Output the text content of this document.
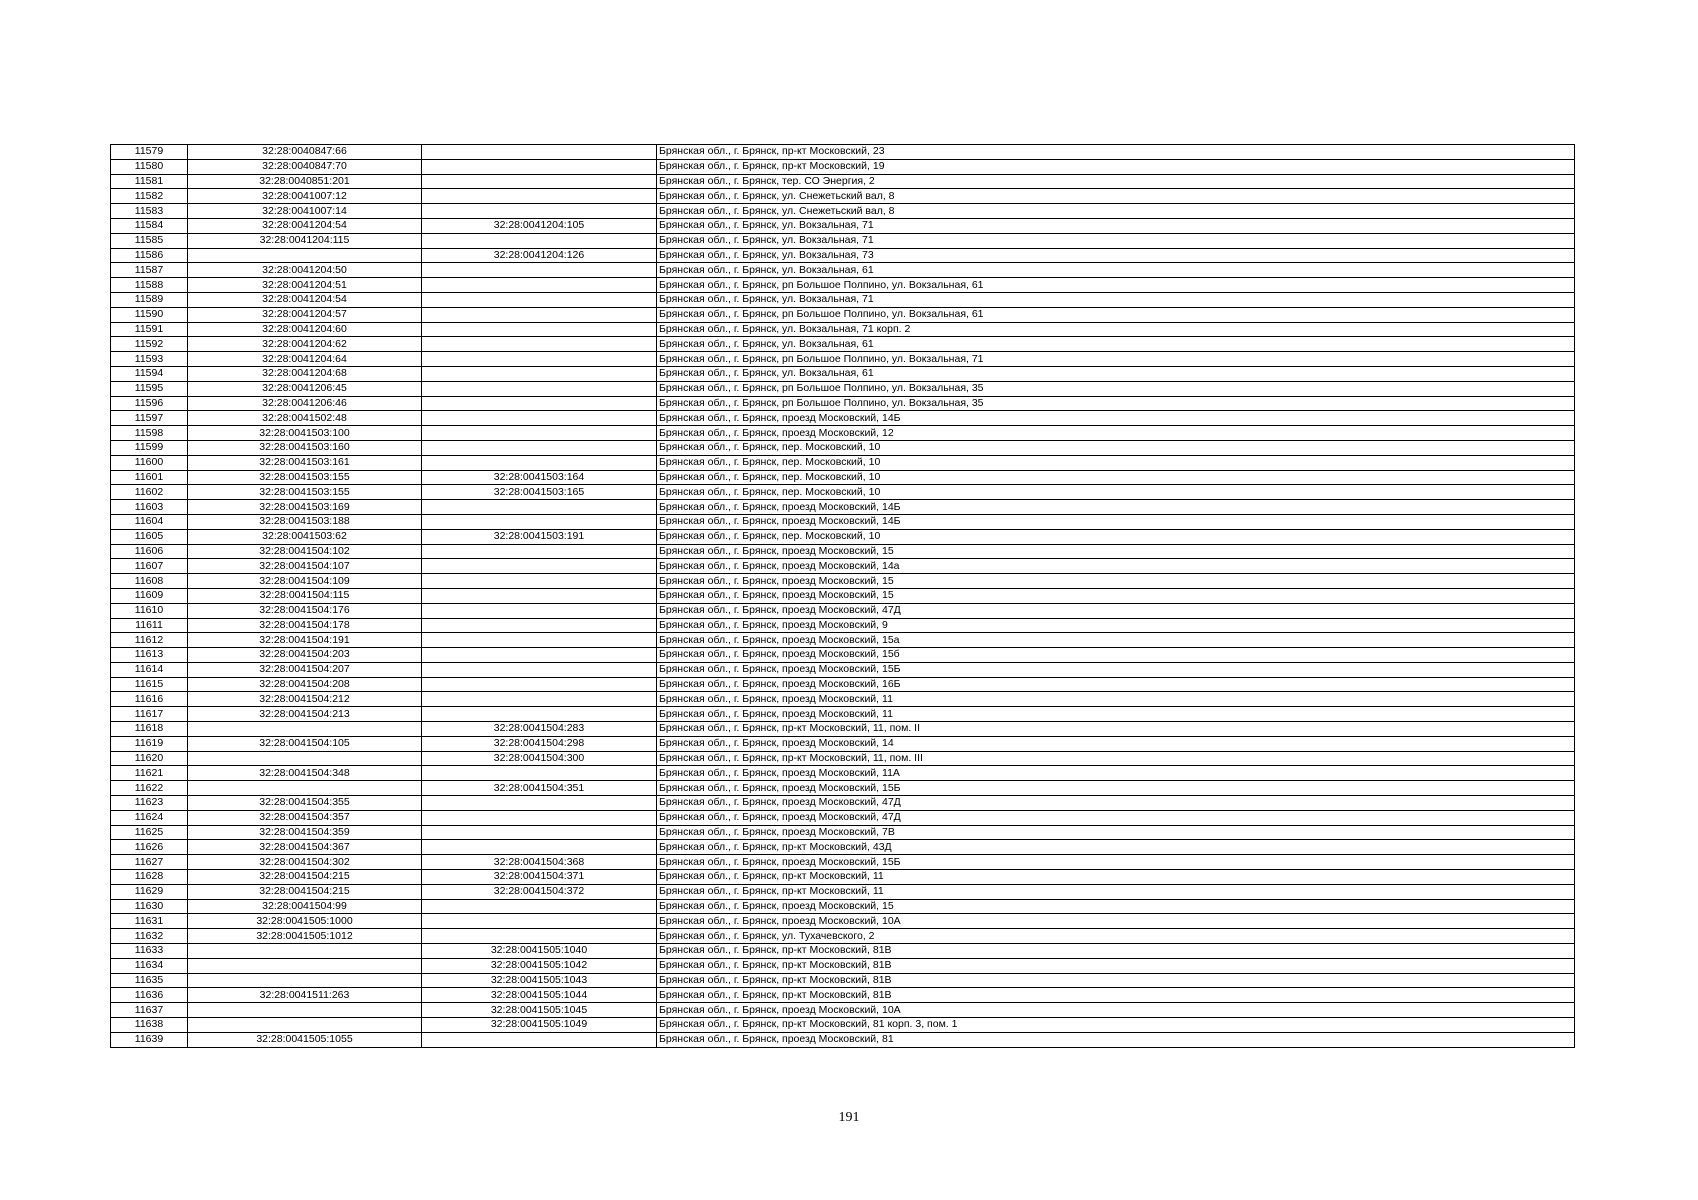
11579	32:28:0040847:66		Брянская обл., г. Брянск, пр-кт Московский, 23
11580	32:28:0040847:70		Брянская обл., г. Брянск, пр-кт Московский, 19
11581	32:28:0040851:201		Брянская обл., г. Брянск, тер. СО Энергия, 2
11582	32:28:0041007:12		Брянская обл., г. Брянск, ул. Снежетьский вал, 8
11583	32:28:0041007:14		Брянская обл., г. Брянск, ул. Снежетьский вал, 8
11584	32:28:0041204:54	32:28:0041204:105	Брянская обл., г. Брянск, ул. Вокзальная, 71
11585	32:28:0041204:115		Брянская обл., г. Брянск, ул. Вокзальная, 71
11586		32:28:0041204:126	Брянская обл., г. Брянск, ул. Вокзальная, 73
11587	32:28:0041204:50		Брянская обл., г. Брянск, ул. Вокзальная, 61
11588	32:28:0041204:51		Брянская обл., г. Брянск, рп Большое Полпино, ул. Вокзальная, 61
11589	32:28:0041204:54		Брянская обл., г. Брянск, ул. Вокзальная, 71
11590	32:28:0041204:57		Брянская обл., г. Брянск, рп Большое Полпино, ул. Вокзальная, 61
11591	32:28:0041204:60		Брянская обл., г. Брянск, ул. Вокзальная, 71 корп. 2
11592	32:28:0041204:62		Брянская обл., г. Брянск, ул. Вокзальная, 61
11593	32:28:0041204:64		Брянская обл., г. Брянск, рп Большое Полпино, ул. Вокзальная, 71
11594	32:28:0041204:68		Брянская обл., г. Брянск, ул. Вокзальная, 61
11595	32:28:0041206:45		Брянская обл., г. Брянск, рп Большое Полпино, ул. Вокзальная, 35
11596	32:28:0041206:46		Брянская обл., г. Брянск, рп Большое Полпино, ул. Вокзальная, 35
11597	32:28:0041502:48		Брянская обл., г. Брянск, проезд Московский, 14Б
11598	32:28:0041503:100		Брянская обл., г. Брянск, проезд Московский, 12
11599	32:28:0041503:160		Брянская обл., г. Брянск, пер. Московский, 10
11600	32:28:0041503:161		Брянская обл., г. Брянск, пер. Московский, 10
11601	32:28:0041503:155	32:28:0041503:164	Брянская обл., г. Брянск, пер. Московский, 10
11602	32:28:0041503:155	32:28:0041503:165	Брянская обл., г. Брянск, пер. Московский, 10
11603	32:28:0041503:169		Брянская обл., г. Брянск, проезд Московский, 14Б
11604	32:28:0041503:188		Брянская обл., г. Брянск, проезд Московский, 14Б
11605	32:28:0041503:62	32:28:0041503:191	Брянская обл., г. Брянск, пер. Московский, 10
11606	32:28:0041504:102		Брянская обл., г. Брянск, проезд Московский, 15
11607	32:28:0041504:107		Брянская обл., г. Брянск, проезд Московский, 14а
11608	32:28:0041504:109		Брянская обл., г. Брянск, проезд Московский, 15
11609	32:28:0041504:115		Брянская обл., г. Брянск, проезд Московский, 15
11610	32:28:0041504:176		Брянская обл., г. Брянск, проезд Московский, 47Д
11611	32:28:0041504:178		Брянская обл., г. Брянск, проезд Московский, 9
11612	32:28:0041504:191		Брянская обл., г. Брянск, проезд Московский, 15а
11613	32:28:0041504:203		Брянская обл., г. Брянск, проезд Московский, 15б
11614	32:28:0041504:207		Брянская обл., г. Брянск, проезд Московский, 15Б
11615	32:28:0041504:208		Брянская обл., г. Брянск, проезд Московский, 16Б
11616	32:28:0041504:212		Брянская обл., г. Брянск, проезд Московский, 11
11617	32:28:0041504:213		Брянская обл., г. Брянск, проезд Московский, 11
11618		32:28:0041504:283	Брянская обл., г. Брянск, пр-кт Московский, 11, пом. II
11619	32:28:0041504:105	32:28:0041504:298	Брянская обл., г. Брянск, проезд Московский, 14
11620		32:28:0041504:300	Брянская обл., г. Брянск, пр-кт Московский, 11, пом. III
11621	32:28:0041504:348		Брянская обл., г. Брянск, проезд Московский, 11А
11622		32:28:0041504:351	Брянская обл., г. Брянск, проезд Московский, 15Б
11623	32:28:0041504:355		Брянская обл., г. Брянск, проезд Московский, 47Д
11624	32:28:0041504:357		Брянская обл., г. Брянск, проезд Московский, 47Д
11625	32:28:0041504:359		Брянская обл., г. Брянск, проезд Московский, 7В
11626	32:28:0041504:367		Брянская обл., г. Брянск, пр-кт Московский, 43Д
11627	32:28:0041504:302	32:28:0041504:368	Брянская обл., г. Брянск, проезд Московский, 15Б
11628	32:28:0041504:215	32:28:0041504:371	Брянская обл., г. Брянск, пр-кт Московский, 11
11629	32:28:0041504:215	32:28:0041504:372	Брянская обл., г. Брянск, пр-кт Московский, 11
11630	32:28:0041504:99		Брянская обл., г. Брянск, проезд Московский, 15
11631	32:28:0041505:1000		Брянская обл., г. Брянск, проезд Московский, 10А
11632	32:28:0041505:1012		Брянская обл., г. Брянск, ул. Тухачевского, 2
11633		32:28:0041505:1040	Брянская обл., г. Брянск, пр-кт Московский, 81В
11634		32:28:0041505:1042	Брянская обл., г. Брянск, пр-кт Московский, 81В
11635		32:28:0041505:1043	Брянская обл., г. Брянск, пр-кт Московский, 81В
11636	32:28:0041511:263	32:28:0041505:1044	Брянская обл., г. Брянск, пр-кт Московский, 81В
11637		32:28:0041505:1045	Брянская обл., г. Брянск, проезд Московский, 10А
11638		32:28:0041505:1049	Брянская обл., г. Брянск, пр-кт Московский, 81 корп. 3, пом. 1
11639	32:28:0041505:1055		Брянская обл., г. Брянск, проезд Московский, 81
191
